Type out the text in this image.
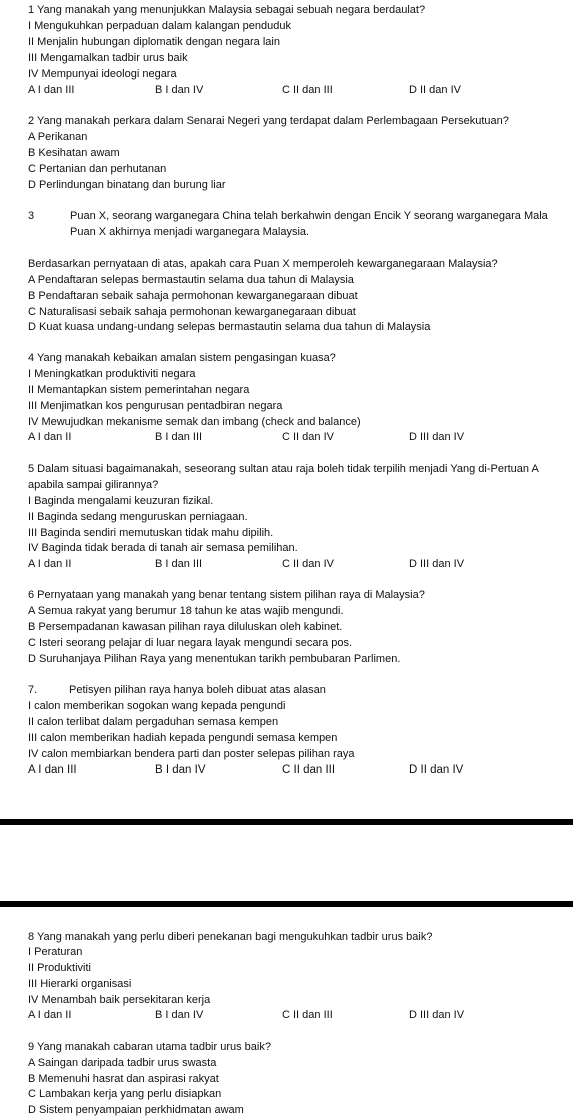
1 Yang manakah yang menunjukkan Malaysia sebagai sebuah negara berdaulat?
I Mengukuhkan perpaduan dalam kalangan penduduk
II Menjalin hubungan diplomatik dengan negara lain
III Mengamalkan tadbir urus baik
IV Mempunyai ideologi negara
A I dan III	B I dan IV	C II dan III	D II dan IV
2 Yang manakah perkara dalam Senarai Negeri yang terdapat dalam Perlembagaan Persekutuan?
A Perikanan
B Kesihatan awam
C Pertanian dan perhutanan
D Perlindungan binatang dan burung liar
3	Puan X, seorang warganegara China telah berkahwin dengan Encik Y seorang warganegara Mala
Puan X akhirnya menjadi warganegara Malaysia.
Berdasarkan pernyataan di atas, apakah cara Puan X memperoleh kewarganegaraan Malaysia?
A Pendaftaran selepas bermastautin selama dua tahun di Malaysia
B Pendaftaran sebaik sahaja permohonan kewarganegaraan dibuat
C Naturalisasi sebaik sahaja permohonan kewarganegaraan dibuat
D Kuat kuasa undang-undang selepas bermastautin selama dua tahun di Malaysia
4 Yang manakah kebaikan amalan sistem pengasingan kuasa?
I Meningkatkan produktiviti negara
II Memantapkan sistem pemerintahan negara
III Menjimatkan kos pengurusan pentadbiran negara
IV Mewujudkan mekanisme semak dan imbang (check and balance)
A I dan II	B I dan III	C II dan IV	D III dan IV
5 Dalam situasi bagaimanakah, seseorang sultan atau raja boleh tidak terpilih menjadi Yang di-Pertuan A
apabila sampai gilirannya?
I Baginda mengalami keuzuran fizikal.
II Baginda sedang menguruskan perniagaan.
III Baginda sendiri memutuskan tidak mahu dipilih.
IV Baginda tidak berada di tanah air semasa pemilihan.
A I dan II	B I dan III	C II dan IV	D III dan IV
6 Pernyataan yang manakah yang benar tentang sistem pilihan raya di Malaysia?
A Semua rakyat yang berumur 18 tahun ke atas wajib mengundi.
B Persempadanan kawasan pilihan raya diluluskan oleh kabinet.
C Isteri seorang pelajar di luar negara layak mengundi secara pos.
D Suruhanjaya Pilihan Raya yang menentukan tarikh pembubaran Parlimen.
7.	Petisyen pilihan raya hanya boleh dibuat atas alasan
I calon memberikan sogokan wang kepada pengundi
II calon terlibat dalam pergaduhan semasa kempen
III calon memberikan hadiah kepada pengundi semasa kempen
IV calon membiarkan bendera parti dan poster selepas pilihan raya
A I dan III	B I dan IV	C II dan III	D II dan IV
8 Yang manakah yang perlu diberi penekanan bagi mengukuhkan tadbir urus baik?
I Peraturan
II Produktiviti
III Hierarki organisasi
IV Menambah baik persekitaran kerja
A I dan II	B I dan IV	C II dan III	D III dan IV
9 Yang manakah cabaran utama tadbir urus baik?
A Saingan daripada tadbir urus swasta
B Memenuhi hasrat dan aspirasi rakyat
C Lambakan kerja yang perlu disiapkan
D Sistem penyampaian perkhidmatan awam
